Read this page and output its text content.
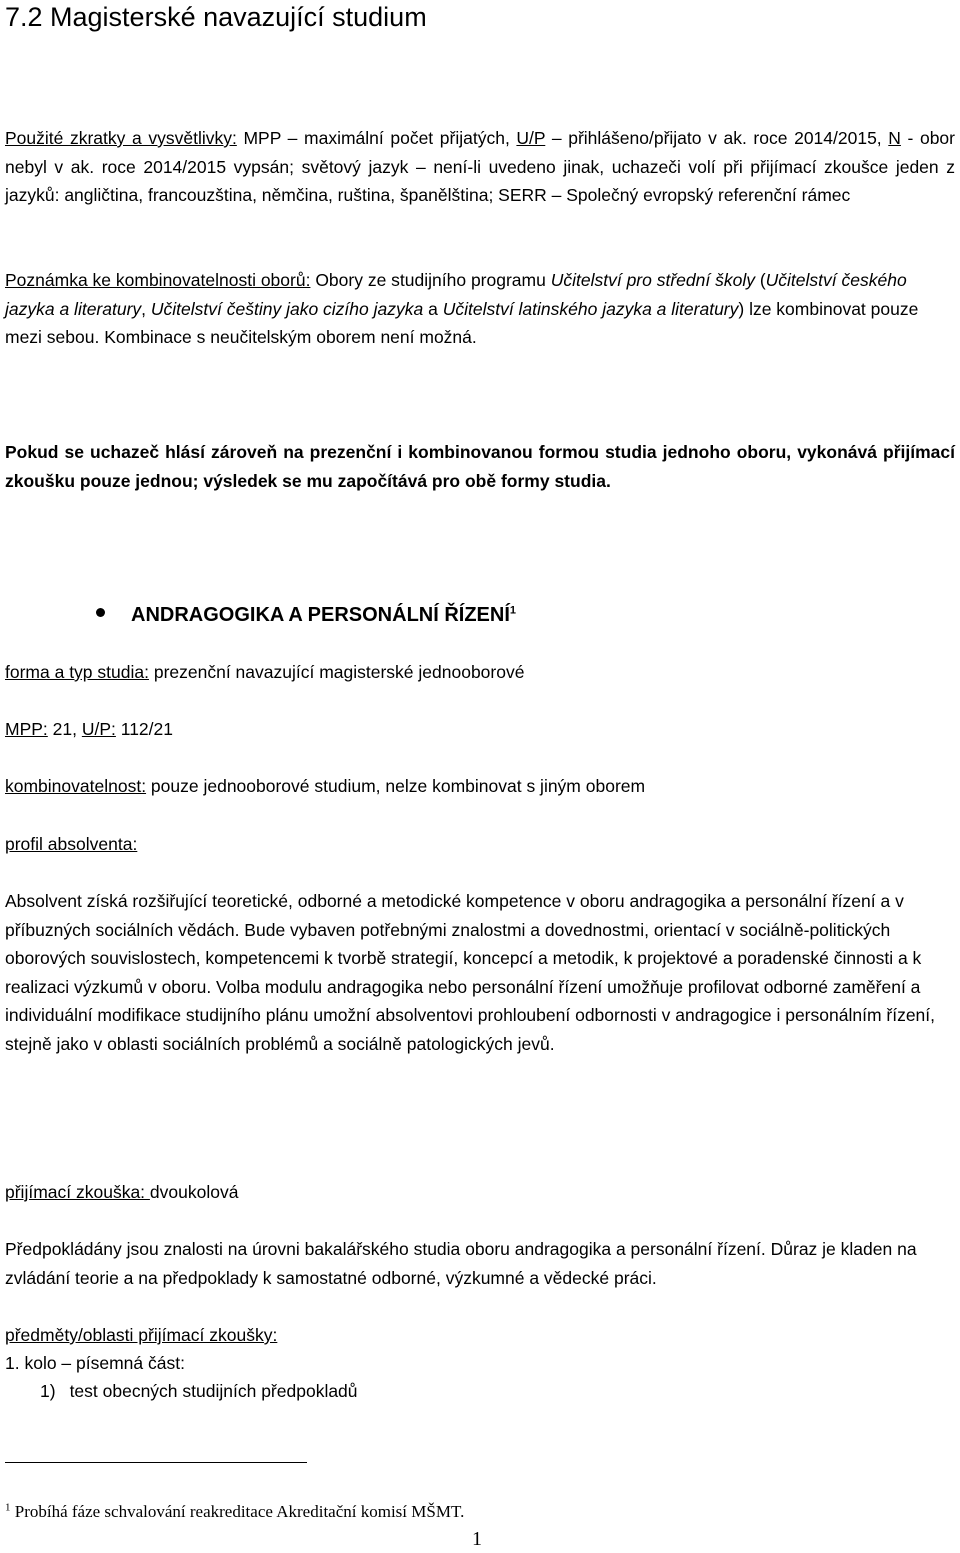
7.2 Magisterské navazující studium

Použité zkratky a vysvětlivky: MPP – maximální počet přijatých, U/P – přihlášeno/přijato v ak. roce 2014/2015, N - obor nebyl v ak. roce 2014/2015 vypsán; světový jazyk – není-li uvedeno jinak, uchazeči volí při přijímací zkoušce jeden z jazyků: angličtina, francouzština, němčina, ruština, španělština; SERR – Společný evropský referenční rámec

Poznámka ke kombinovatelnosti oborů: Obory ze studijního programu Učitelství pro střední školy (Učitelství českého jazyka a literatury, Učitelství češtiny jako cizího jazyka a Učitelství latinského jazyka a literatury) lze kombinovat pouze mezi sebou. Kombinace s neučitelským oborem není možná.

Pokud se uchazeč hlásí zároveň na prezenční i kombinovanou formou studia jednoho oboru, vykonává přijímací zkoušku pouze jednou; výsledek se mu započítává pro obě formy studia.

ANDRAGOGIKA A PERSONÁLNÍ ŘÍZENÍ$^1$

forma a typ studia: prezenční navazující magisterské jednooborové

MPP: 21, U/P: 112/21

kombinovatelnost: pouze jednooborové studium, nelze kombinovat s jiným oborem

profil absolventa:

Absolvent získá rozšiřující teoretické, odborné a metodické kompetence v oboru andragogika a personální řízení a v příbuzných sociálních vědách. Bude vybaven potřebnými znalostmi a dovednostmi, orientací v sociálně-politických oborových souvislostech, kompetencemi k tvorbě strategií, koncepcí a metodik, k projektové a poradenské činnosti a k realizaci výzkumů v oboru. Volba modulu andragogika nebo personální řízení umožňuje profilovat odborné zaměření a individuální modifikace studijního plánu umožní absolventovi prohloubení odbornosti v andragogice i personálním řízení, stejně jako v oblasti sociálních problémů a sociálně patologických jevů.

přijímací zkouška: dvoukolová

Předpokládány jsou znalosti na úrovni bakalářského studia oboru andragogika a personální řízení. Důraz je kladen na zvládání teorie a na předpoklady k samostatné odborné, výzkumné a vědecké práci.

předměty/oblasti přijímací zkoušky:

1. kolo – písemná část:

1) test obecných studijních předpokladů

$^1$ Probíhá fáze schvalování reakreditace Akreditační komisí MŠMT.

1
